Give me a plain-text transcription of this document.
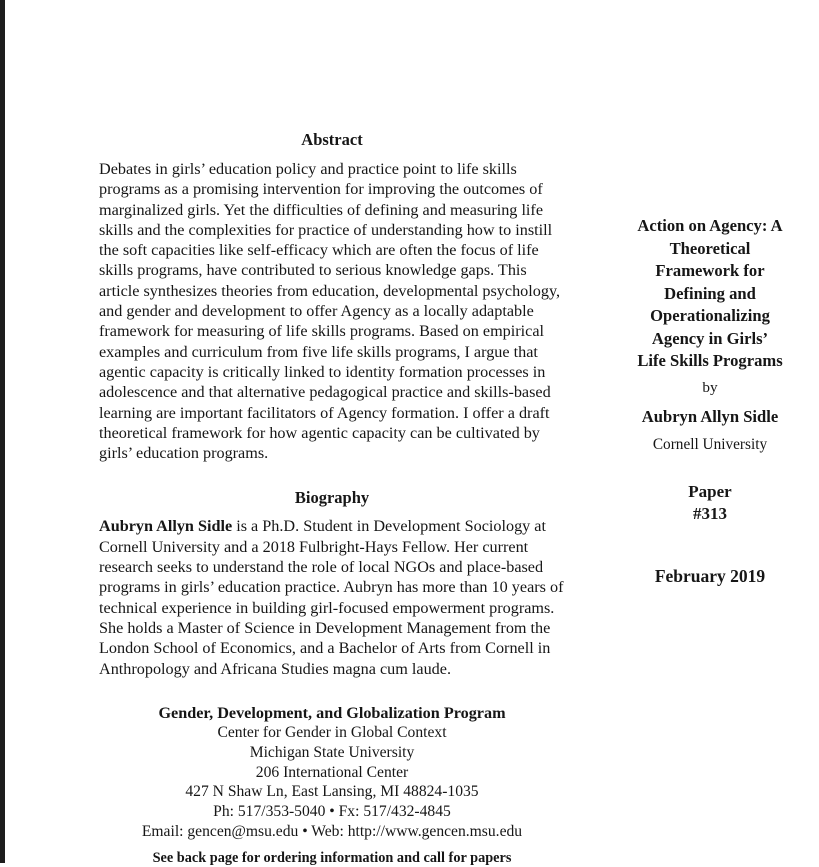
Abstract

Debates in girls’ education policy and practice point to life skills programs as a promising intervention for improving the outcomes of marginalized girls. Yet the difficulties of defining and measuring life skills and the complexities for practice of understanding how to instill the soft capacities like self-efficacy which are often the focus of life skills programs, have contributed to serious knowledge gaps. This article synthesizes theories from education, developmental psychology, and gender and development to offer Agency as a locally adaptable framework for measuring of life skills programs. Based on empirical examples and curriculum from five life skills programs, I argue that agentic capacity is critically linked to identity formation processes in adolescence and that alternative pedagogical practice and skills-based learning are important facilitators of Agency formation. I offer a draft theoretical framework for how agentic capacity can be cultivated by girls’ education programs.

Biography

Aubryn Allyn Sidle is a Ph.D. Student in Development Sociology at Cornell University and a 2018 Fulbright-Hays Fellow. Her current research seeks to understand the role of local NGOs and place-based programs in girls’ education practice. Aubryn has more than 10 years of technical experience in building girl-focused empowerment programs. She holds a Master of Science in Development Management from the London School of Economics, and a Bachelor of Arts from Cornell in Anthropology and Africana Studies magna cum laude.

Action on Agency: A Theoretical Framework for Defining and Operationalizing Agency in Girls’ Life Skills Programs

by

Aubryn Allyn Sidle

Cornell University

Paper
#313

February 2019

Gender, Development, and Globalization Program

Center for Gender in Global Context

Michigan State University

206 International Center

427 N Shaw Ln, East Lansing, MI 48824-1035

Ph: 517/353-5040 • Fx: 517/432-4845

Email: gencen@msu.edu • Web: http://www.gencen.msu.edu

See back page for ordering information and call for papers
